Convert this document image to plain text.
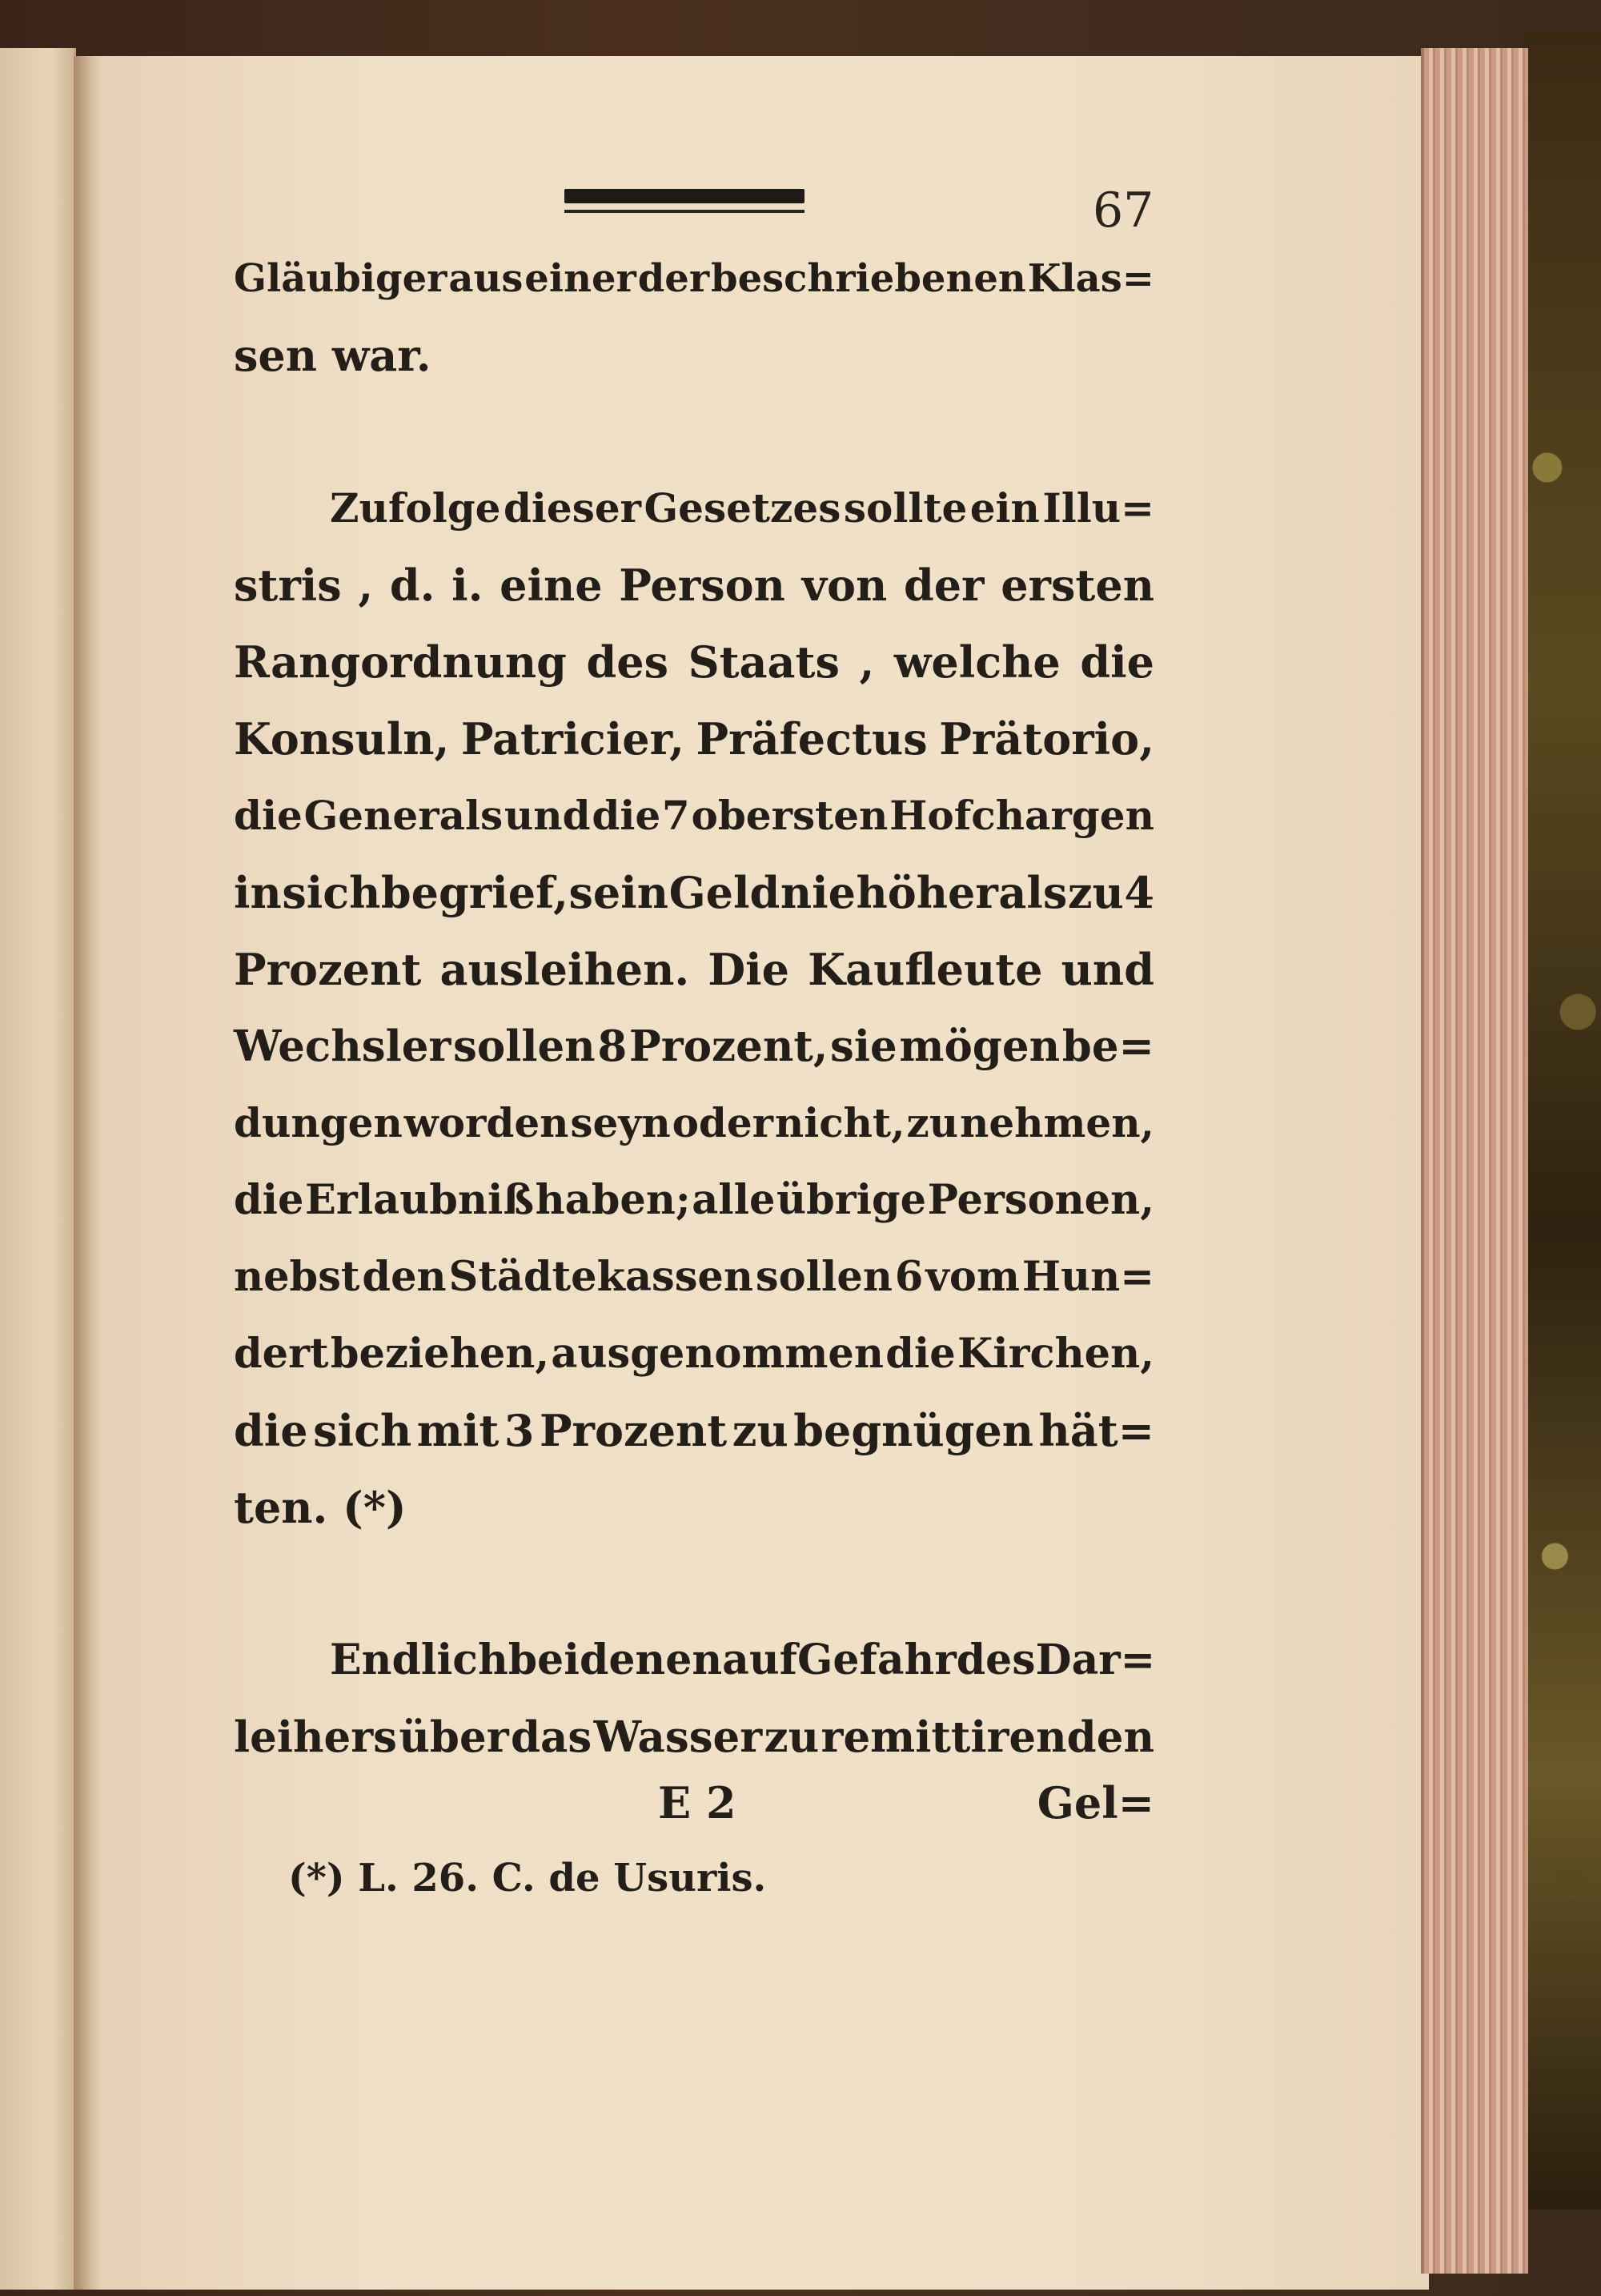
67
Gläubiger aus einer der beschriebenen Klas=
sen war.
Zufolge dieser Gesetzes sollte ein Illu=
stris , d. i. eine Person von der ersten
Rangordnung des Staats , welche die
Konsuln, Patricier, Präfectus Prätorio,
die Generals und die 7 obersten Hofchargen
in sich begrief, sein Geld nie höher als zu 4
Prozent ausleihen. Die Kaufleute und
Wechsler sollen 8 Prozent, sie mögen be=
dungen worden seyn oder nicht, zu nehmen,
die Erlaubniß haben; alle übrige Personen,
nebst den Städtekassen sollen 6 vom Hun=
dert beziehen, ausgenommen die Kirchen,
die sich mit 3 Prozent zu begnügen hät=
ten. (*)
Endlich bei denen auf Gefahr des Dar=
leihers über das Wasser zu remittirenden
E 2	Gel=
(*) L. 26. C. de Usuris.
